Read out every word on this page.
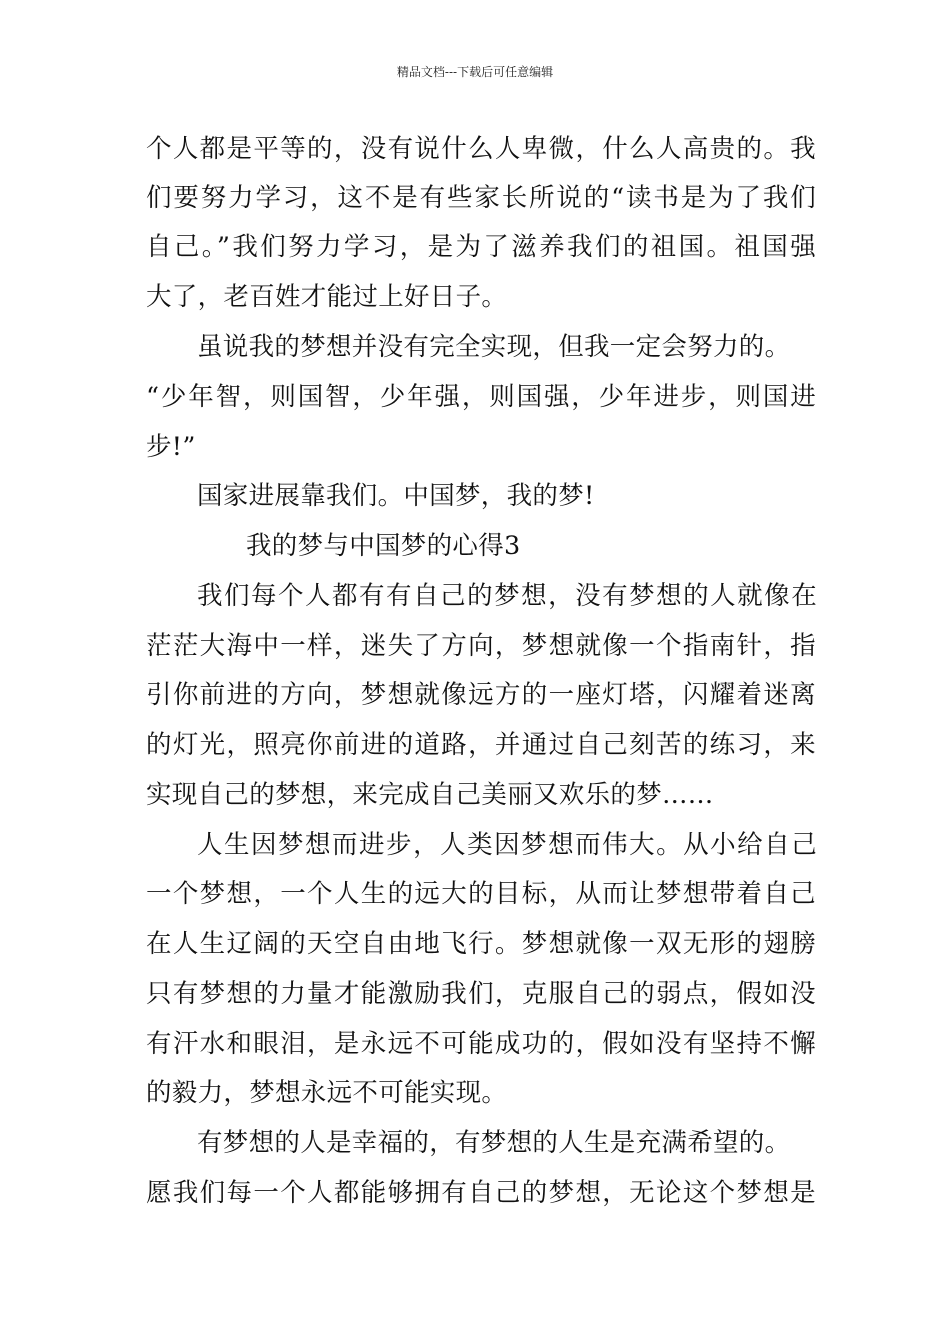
精品文档---下载后可任意编辑
个人都是平等的，没有说什么人卑微，什么人高贵的。我
们要努力学习，这不是有些家长所说的“读书是为了我们
自己。”我们努力学习，是为了滋养我们的祖国。祖国强
大了，老百姓才能过上好日子。
虽说我的梦想并没有完全实现，但我一定会努力的。
“少年智，则国智，少年强，则国强，少年进步，则国进
步!”
国家进展靠我们。中国梦，我的梦!
我的梦与中国梦的心得3
我们每个人都有有自己的梦想，没有梦想的人就像在
茫茫大海中一样，迷失了方向，梦想就像一个指南针，指
引你前进的方向，梦想就像远方的一座灯塔，闪耀着迷离
的灯光，照亮你前进的道路，并通过自己刻苦的练习，来
实现自己的梦想，来完成自己美丽又欢乐的梦……
人生因梦想而进步，人类因梦想而伟大。从小给自己
一个梦想，一个人生的远大的目标，从而让梦想带着自己
在人生辽阔的天空自由地飞行。梦想就像一双无形的翅膀
只有梦想的力量才能激励我们，克服自己的弱点，假如没
有汗水和眼泪，是永远不可能成功的，假如没有坚持不懈
的毅力，梦想永远不可能实现。
有梦想的人是幸福的，有梦想的人生是充满希望的。
愿我们每一个人都能够拥有自己的梦想，无论这个梦想是
